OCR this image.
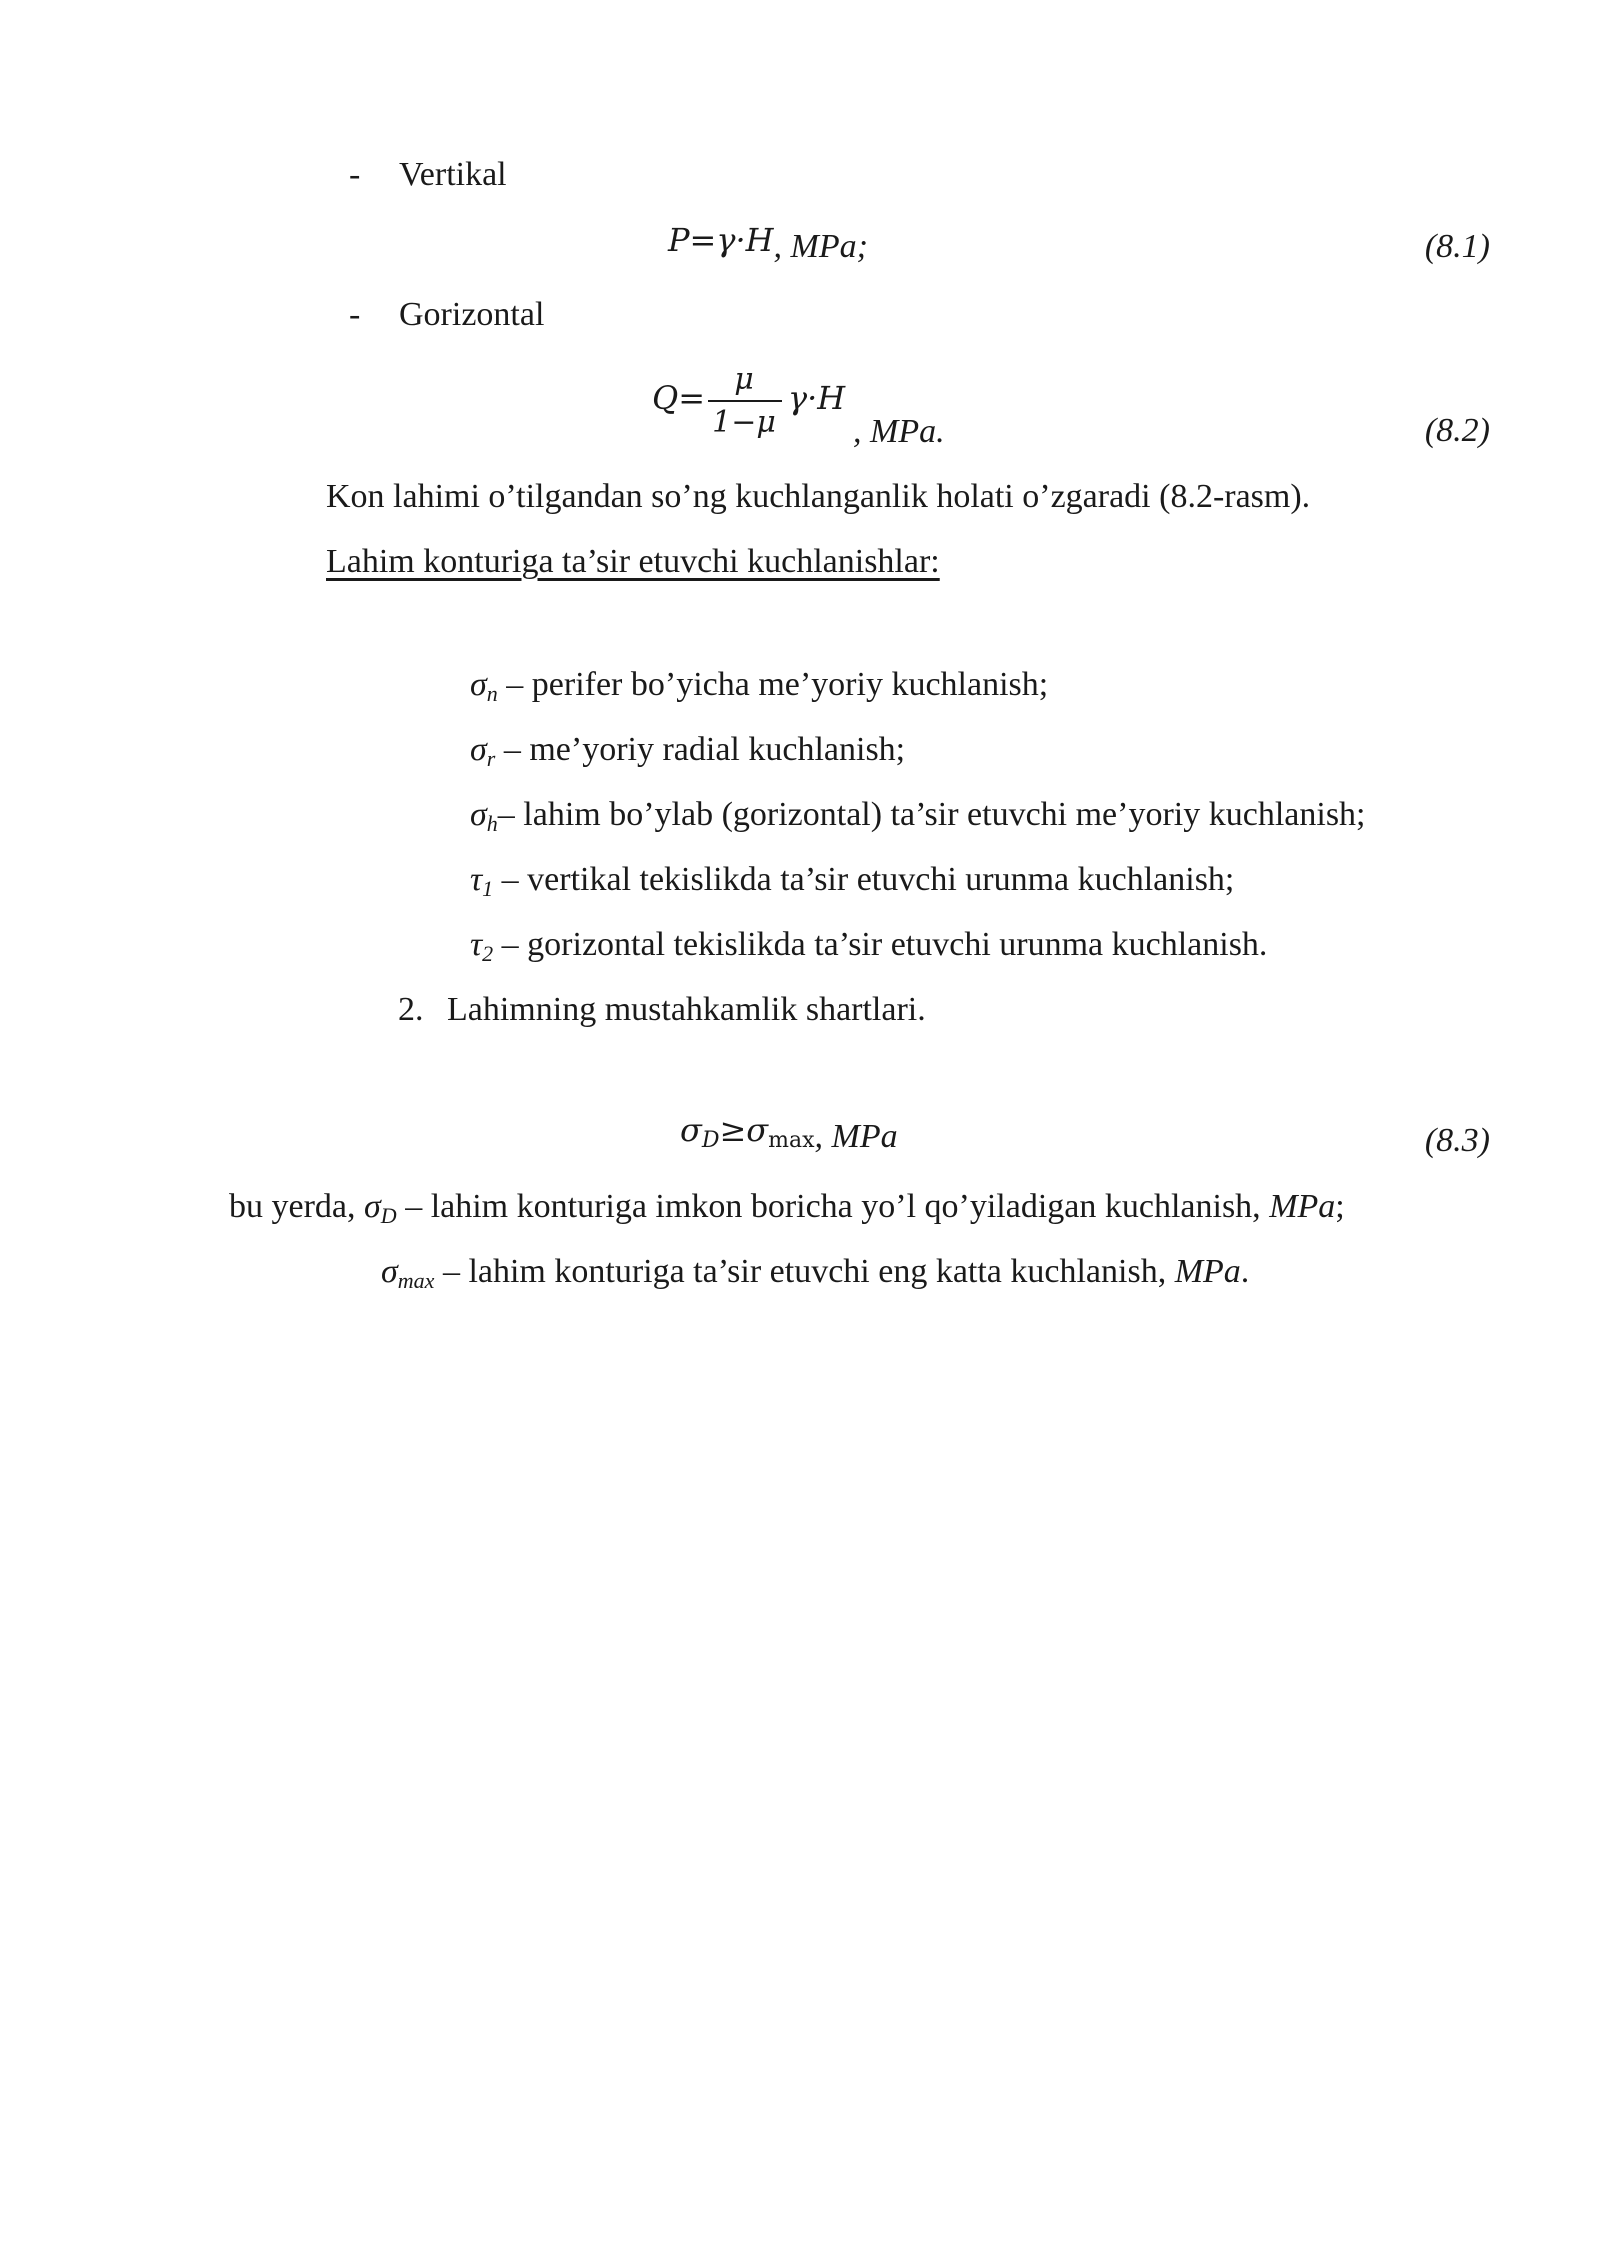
- Vertikal
P=γ·H, MPa;	(8.1)
- Gorizontal
Q= μ
1−μ
γ·H
, MPa.	(8.2)
Kon lahimi o’tilgandan so’ng kuchlanganlik holati o’zgaradi (8.2-rasm).
Lahim konturiga ta’sir etuvchi kuchlanishlar:
$\sigma_n$ – perifer bo’yicha me’yoriy kuchlanish;
$\sigma_r$ – me’yoriy radial kuchlanish;
$\sigma_h-$ lahim bo’ylab (gorizontal) ta’sir etuvchi me’yoriy kuchlanish;
$\tau_1$ – vertikal tekislikda ta’sir etuvchi urunma kuchlanish;
$\tau_2$ – gorizontal tekislikda ta’sir etuvchi urunma kuchlanish.
2. Lahimning mustahkamlik shartlari.
$\sigma_D\ge\sigma\max$, MPa	(8.3)
bu yerda, $\sigma_D$ – lahim konturiga imkon boricha yo’l qo’yiladigan kuchlanish, MPa;
$\sigma_{max}$ – lahim konturiga ta’sir etuvchi eng katta kuchlanish, MPa.
